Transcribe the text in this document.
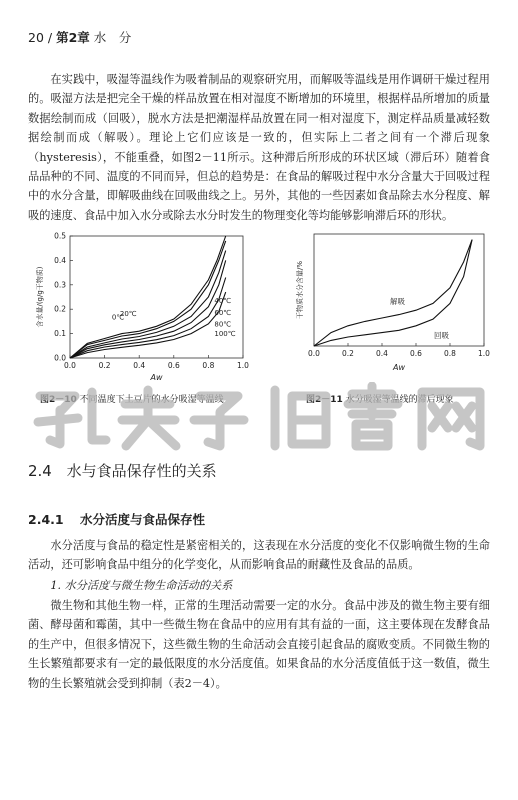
20 / 第2章 水　分
在实践中，吸湿等温线作为吸着制品的观察研究用，而解吸等温线是用作调研干燥过程用的。吸湿方法是把完全干燥的样品放置在相对湿度不断增加的环境里，根据样品所增加的质量数据绘制而成（回吸），脱水方法是把潮湿样品放置在同一相对湿度下，测定样品质量减轻数据绘制而成（解吸）。理论上它们应该是一致的，但实际上二者之间有一个滞后现象（hysteresis），不能重叠，如图2－11所示。这种滞后所形成的环状区域（滞后环）随着食品品种的不同、温度的不同而异，但总的趋势是：在食品的解吸过程中水分含量大于回吸过程中的水分含量，即解吸曲线在回吸曲线之上。另外，其他的一些因素如食品除去水分程度、解吸的速度、食品中加入水分或除去水分时发生的物理变化等均能够影响滞后环的形状。
0.0	0.2	0.4	0.6	0.8	1.0
0.0
0.1
0.2
0.3
0.4
0.5
Aw
含水量/(g/g干物质)	0℃
20℃
40℃
60℃
80℃
100℃
0.0	0.2	0.4	0.6	0.8	1.0
Aw
干物质水分含量/%	解吸
回吸
图2－10 不同温度下土豆片的水分吸湿等温线	图2－11 水分吸湿等温线的滞后现象
2.4 水与食品保存性的关系
2.4.1 水分活度与食品保存性
水分活度与食品的稳定性是紧密相关的，这表现在水分活度的变化不仅影响微生物的生命活动，还可影响食品中组分的化学变化，从而影响食品的耐藏性及食品的品质。
1. 水分活度与微生物生命活动的关系
微生物和其他生物一样，正常的生理活动需要一定的水分。食品中涉及的微生物主要有细菌、酵母菌和霉菌，其中一些微生物在食品中的应用有其有益的一面，这主要体现在发酵食品的生产中，但很多情况下，这些微生物的生命活动会直接引起食品的腐败变质。不同微生物的生长繁殖都要求有一定的最低限度的水分活度值。如果食品的水分活度值低于这一数值，微生物的生长繁殖就会受到抑制（表2－4）。
